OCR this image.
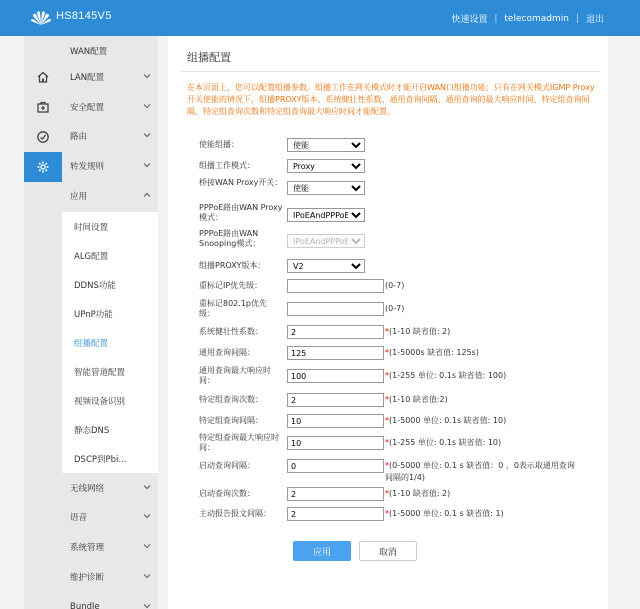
HS8145V5	快速设置 | telecomadmin | 退出
WAN配置
LAN配置
安全配置
路由
转发规则
应用
时间设置
ALG配置
DDNS功能
UPnP功能
组播配置
智能管道配置
视频设备识别
静态DNS
DSCP到Pbi...
无线网络
语音
系统管理
维护诊断
Bundle
组播配置
在本页面上，您可以配置组播参数。组播工作在网关模式时才能开启WAN口组播功能；只有在网关模式IGMP Proxy开关使能的情况下，组播PROXY版本、系统健壮性系数、通用查询间隔、通用查询的最大响应时间、特定组查询间隔、特定组查询次数和特定组查询最大响应时间才能配置。
使能组播：
使能
组播工作模式：
Proxy
桥接WAN Proxy开关：
使能
PPPoE路由WAN Proxy模式：
IPoEAndPPPoE
PPPoE路由WAN Snooping模式：
IPoEAndPPPoE
组播PROXY版本：
V2
重标记IP优先级：	(0-7)
重标记802.1p优先级：
(0-7)
系统健壮性系数：
2	*(1-10 缺省值: 2)
通用查询间隔：
125	*(1-5000s 缺省值: 125s)
通用查询最大响应时间：
100
*(1-255 单位: 0.1s 缺省值: 100)
特定组查询次数：
2	*(1-10 缺省值:2)
特定组查询间隔：
10	*(1-5000 单位: 0.1s 缺省值: 10)
特定组查询最大响应时间：
10
*(1-255 单位: 0.1s 缺省值: 10)
启动查询间隔：
0	*(0-5000 单位: 0.1 s 缺省值：0 ，0表示取通用查询间隔的1/4)
启动查询次数：
2	*(1-10 缺省值: 2)
主动报告报文间隔：
2	*(1-5000 单位: 0.1 s 缺省值: 1)
应用	取消
